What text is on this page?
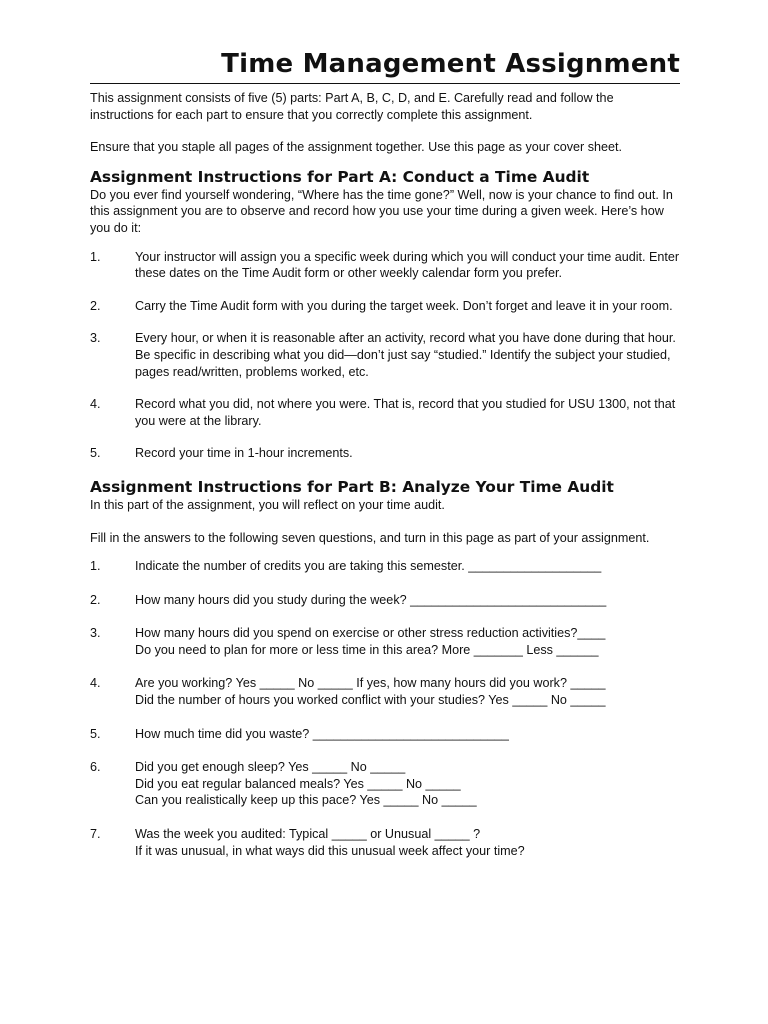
Time Management Assignment

This assignment consists of five (5) parts: Part A, B, C, D, and E. Carefully read and follow the instructions for each part to ensure that you correctly complete this assignment.

Ensure that you staple all pages of the assignment together. Use this page as your cover sheet.

Assignment Instructions for Part A: Conduct a Time Audit

Do you ever find yourself wondering, “Where has the time gone?” Well, now is your chance to find out. In this assignment you are to observe and record how you use your time during a given week. Here’s how you do it:

1.	Your instructor will assign you a specific week during which you will conduct your time audit. Enter these dates on the Time Audit form or other weekly calendar form you prefer.
2.	Carry the Time Audit form with you during the target week. Don’t forget and leave it in your room.
3.	Every hour, or when it is reasonable after an activity, record what you have done during that hour. Be specific in describing what you did—don’t just say “studied.” Identify the subject your studied, pages read/written, problems worked, etc.
4.	Record what you did, not where you were. That is, record that you studied for USU 1300, not that you were at the library.
5.	Record your time in 1-hour increments.
Assignment Instructions for Part B: Analyze Your Time Audit

In this part of the assignment, you will reflect on your time audit.

Fill in the answers to the following seven questions, and turn in this page as part of your assignment.

1.	Indicate the number of credits you are taking this semester. ___________________
2.	How many hours did you study during the week? ____________________________
3.	How many hours did you spend on exercise or other stress reduction activities?____
Do you need to plan for more or less time in this area? More _______ Less ______
4.	Are you working? Yes _____ No _____ If yes, how many hours did you work? _____
Did the number of hours you worked conflict with your studies? Yes _____ No _____
5.	How much time did you waste? ____________________________
6.	Did you get enough sleep? Yes _____ No _____
Did you eat regular balanced meals? Yes _____ No _____
Can you realistically keep up this pace? Yes _____ No _____
7.	Was the week you audited: Typical _____ or Unusual _____ ?
If it was unusual, in what ways did this unusual week affect your time?
